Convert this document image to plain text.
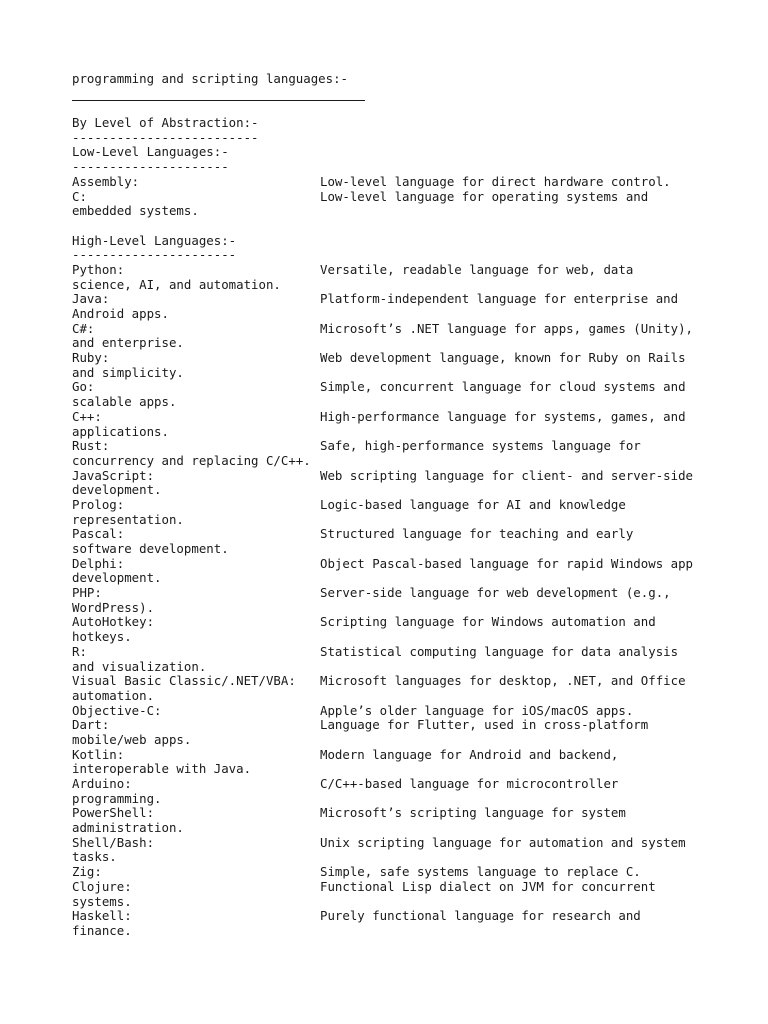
programming and scripting languages:-
By Level of Abstraction:-
-------------------------
Low-Level Languages:-
---------------------
Assembly:	Low-level language for direct hardware control.
C:	Low-level language for operating systems and
embedded systems.
High-Level Languages:-
----------------------
Python:	Versatile, readable language for web, data
science, AI, and automation.
Java:	Platform-independent language for enterprise and
Android apps.
C#:	Microsoft’s .NET language for apps, games (Unity),
and enterprise.
Ruby:	Web development language, known for Ruby on Rails
and simplicity.
Go:	Simple, concurrent language for cloud systems and
scalable apps.
C++:	High-performance language for systems, games, and
applications.
Rust:	Safe, high-performance systems language for
concurrency and replacing C/C++.
JavaScript:	Web scripting language for client- and server-side
development.
Prolog:	Logic-based language for AI and knowledge
representation.
Pascal:	Structured language for teaching and early
software development.
Delphi:	Object Pascal-based language for rapid Windows app
development.
PHP:	Server-side language for web development (e.g.,
WordPress).
AutoHotkey:	Scripting language for Windows automation and
hotkeys.
R:	Statistical computing language for data analysis
and visualization.
Visual Basic Classic/.NET/VBA: Microsoft languages for desktop, .NET, and Office
automation.
Objective-C:	Apple’s older language for iOS/macOS apps.
Dart:	Language for Flutter, used in cross-platform
mobile/web apps.
Kotlin:	Modern language for Android and backend,
interoperable with Java.
Arduino:	C/C++-based language for microcontroller
programming.
PowerShell:	Microsoft’s scripting language for system
administration.
Shell/Bash:	Unix scripting language for automation and system
tasks.
Zig:	Simple, safe systems language to replace C.
Clojure:	Functional Lisp dialect on JVM for concurrent
systems.
Haskell:	Purely functional language for research and
finance.
